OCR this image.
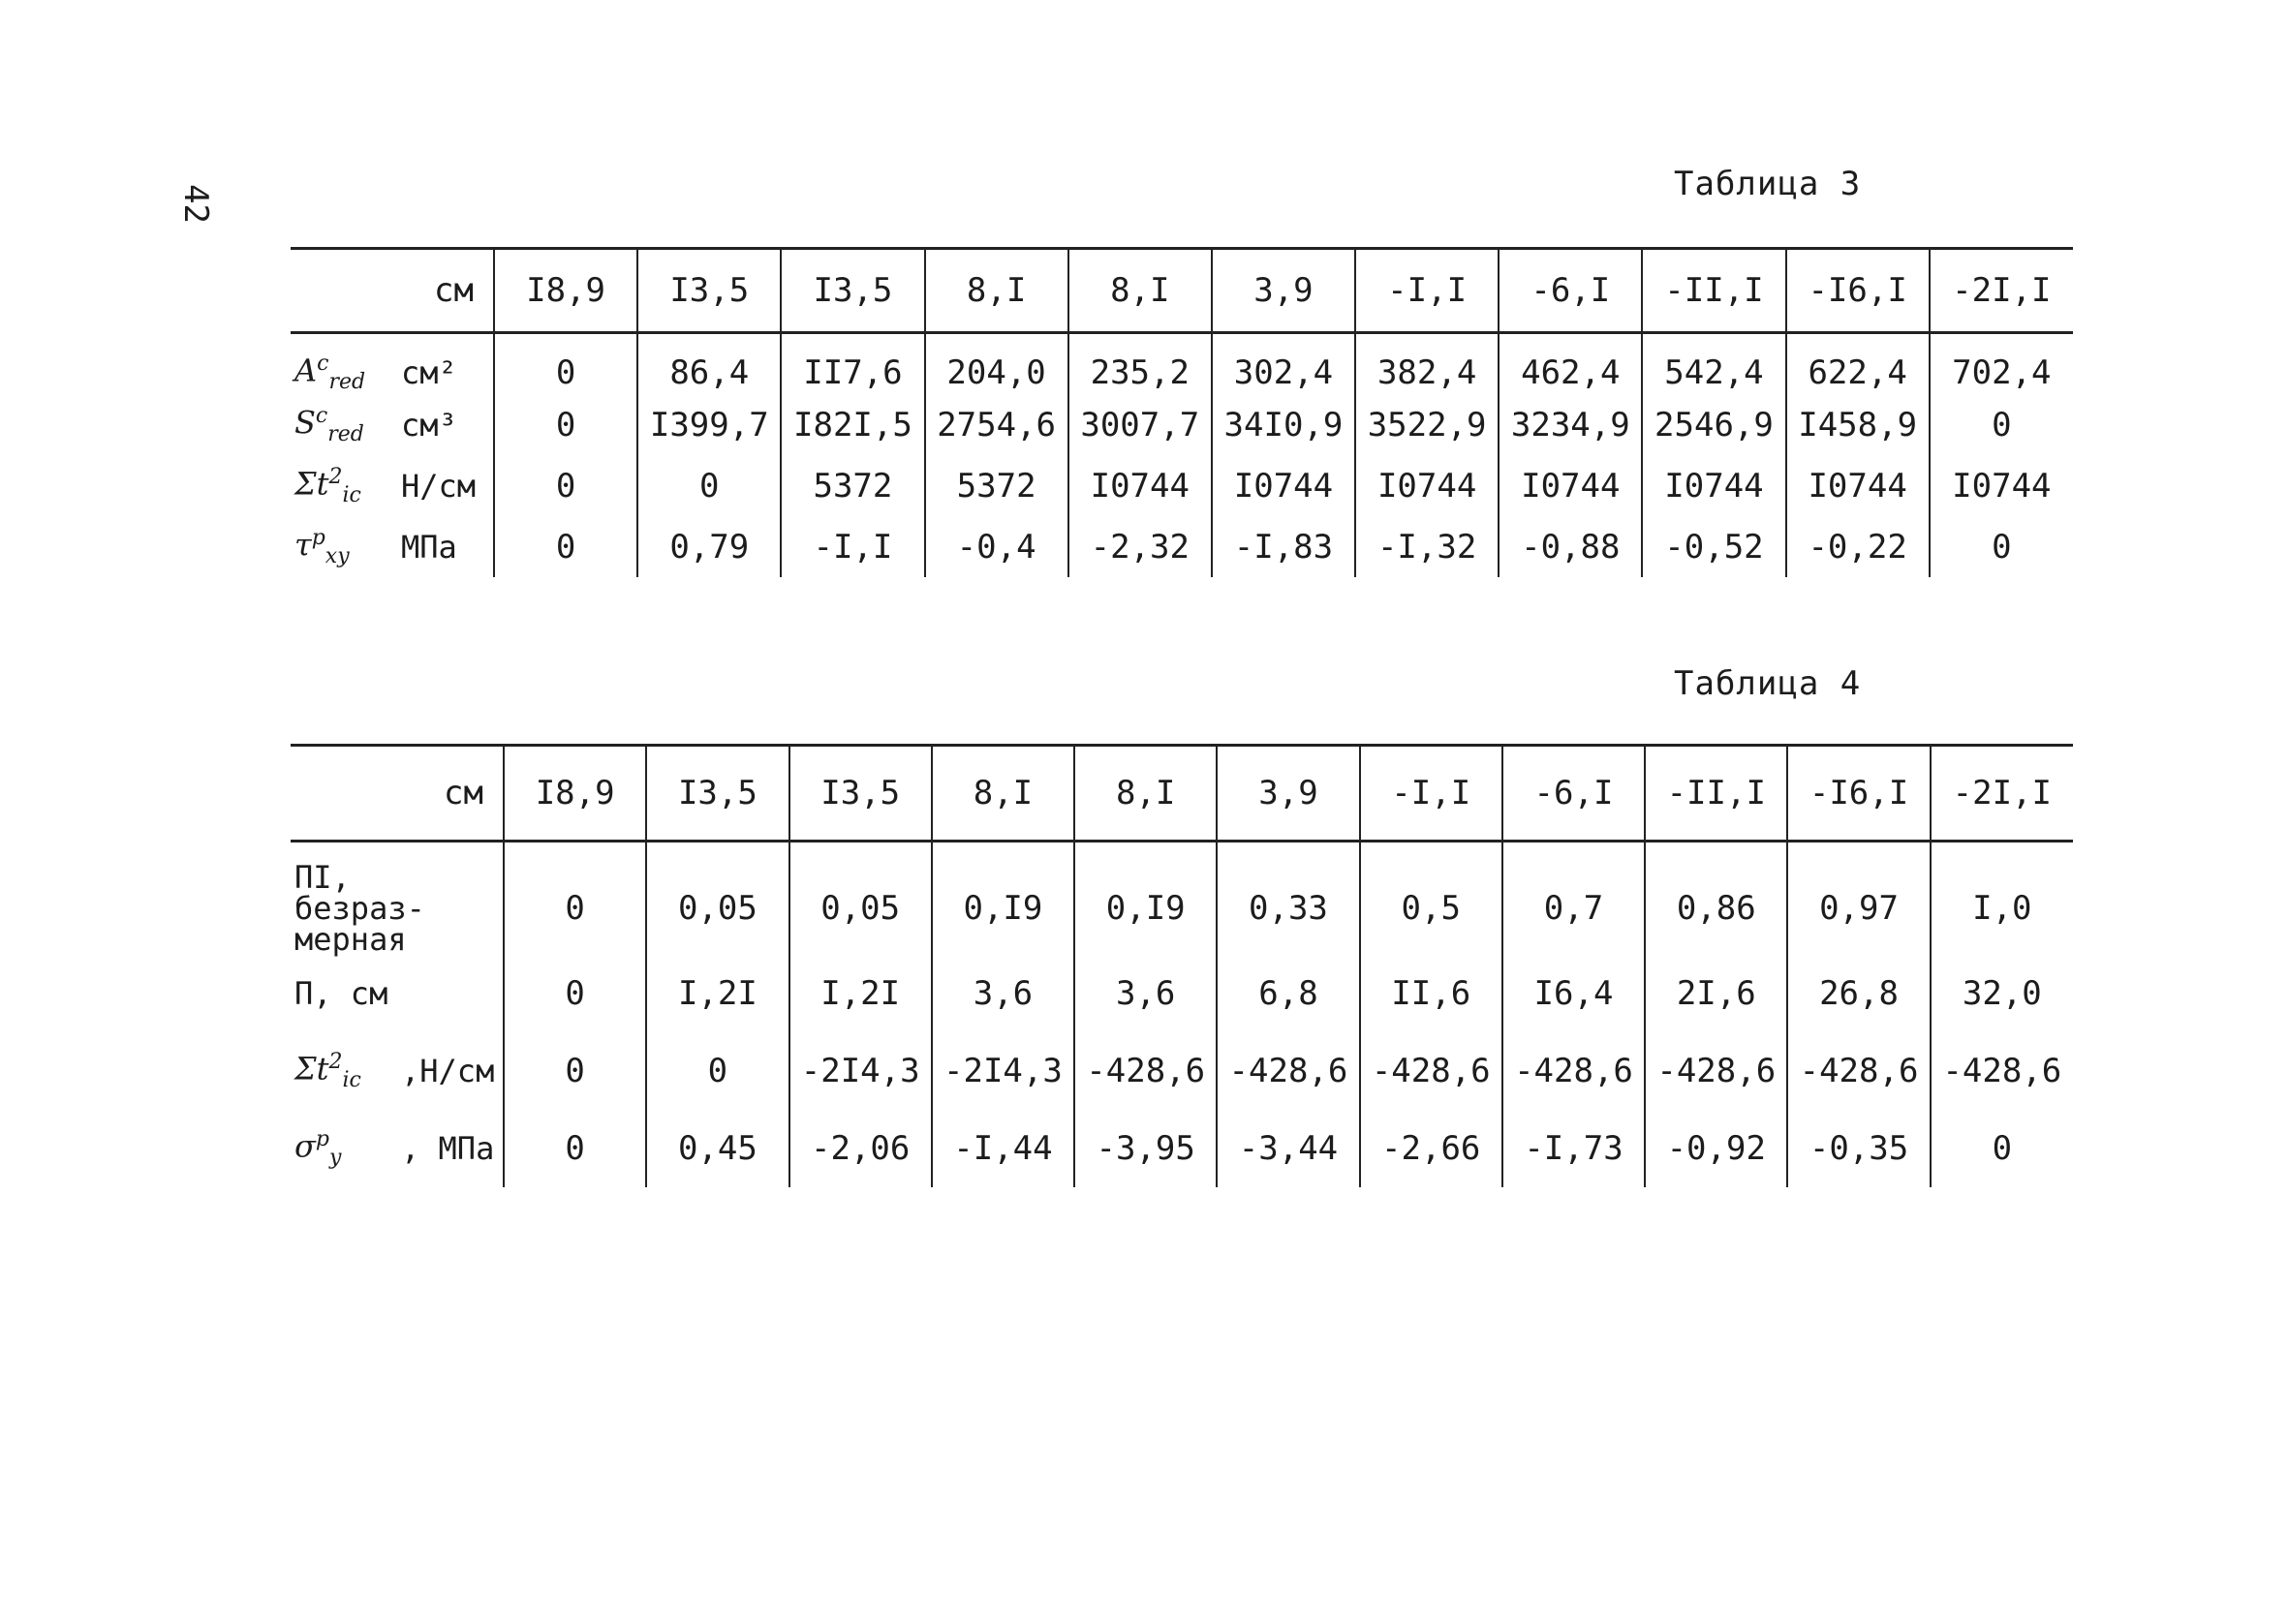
42	Таблица 3
см	I8,9	I3,5	I3,5	8,I	8,I	3,9	-I,I	-6,I	-II,I	-I6,I	-2I,I

$A^c_{red}$ см²	0	86,4	II7,6	204,0	235,2	302,4	382,4	462,4	542,4	622,4	702,4

$S^c_{red}$ см³	0	I399,7	I82I,5	2754,6	3007,7	34I0,9	3522,9	3234,9	2546,9	I458,9	0

$\Sigma t^2_{ic}$ Н/см	0	0	5372	5372	I0744	I0744	I0744	I0744	I0744	I0744	I0744

$\tau^p_{xy}$ МПа	0	0,79	-I,I	-0,4	-2,32	-I,83	-I,32	-0,88	-0,52	-0,22	0
Таблица 4
см	I8,9	I3,5	I3,5	8,I	8,I	3,9	-I,I	-6,I	-II,I	-I6,I	-2I,I

ПI, безраз-мерная	0	0,05	0,05	0,I9	0,I9	0,33	0,5	0,7	0,86	0,97	I,0

П, см	0	I,2I	I,2I	3,6	3,6	6,8	II,6	I6,4	2I,6	26,8	32,0

$\Sigma t^2_{ic}$ ,Н/см	0	0	-2I4,3	-2I4,3	-428,6	-428,6	-428,6	-428,6	-428,6	-428,6	-428,6

$\sigma^p_y$ , МПа	0	0,45	-2,06	-I,44	-3,95	-3,44	-2,66	-I,73	-0,92	-0,35	0
